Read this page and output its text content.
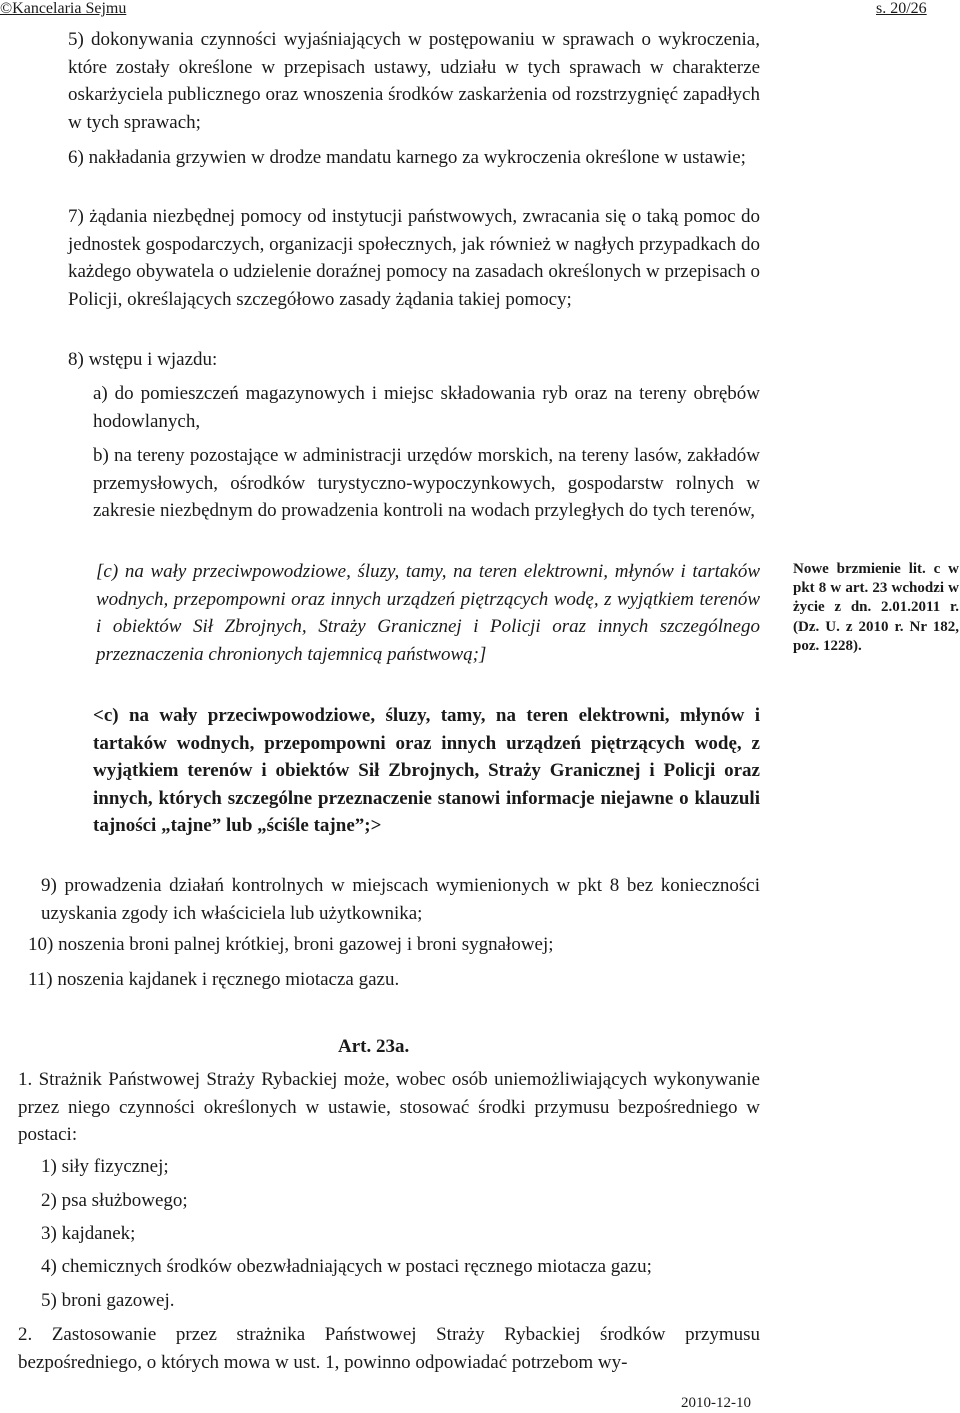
©Kancelaria Sejmu	s. 20/26

5) dokonywania czynności wyjaśniających w postępowaniu w sprawach o wykroczenia, które zostały określone w przepisach ustawy, udziału w tych sprawach w charakterze oskarżyciela publicznego oraz wnoszenia środków zaskarżenia od rozstrzygnięć zapadłych w tych sprawach;

6) nakładania grzywien w drodze mandatu karnego za wykroczenia określone w ustawie;

7) żądania niezbędnej pomocy od instytucji państwowych, zwracania się o taką pomoc do jednostek gospodarczych, organizacji społecznych, jak również w nagłych przypadkach do każdego obywatela o udzielenie doraźnej pomocy na zasadach określonych w przepisach o Policji, określających szczegółowo zasady żądania takiej pomocy;

8) wstępu i wjazdu:

a) do pomieszczeń magazynowych i miejsc składowania ryb oraz na tereny obrębów hodowlanych,

b) na tereny pozostające w administracji urzędów morskich, na tereny lasów, zakładów przemysłowych, ośrodków turystyczno-wypoczynkowych, gospodarstw rolnych w zakresie niezbędnym do prowadzenia kontroli na wodach przyległych do tych terenów,

[c) na wały przeciwpowodziowe, śluzy, tamy, na teren elektrowni, młynów i tartaków wodnych, przepompowni oraz innych urządzeń piętrzących wodę, z wyjątkiem terenów i obiektów Sił Zbrojnych, Straży Granicznej i Policji oraz innych szczególnego przeznaczenia chronionych tajemnicą państwową;]

Nowe brzmienie lit. c w pkt 8 w art. 23 wchodzi w życie z dn. 2.01.2011 r. (Dz. U. z 2010 r. Nr 182, poz. 1228).

<c) na wały przeciwpowodziowe, śluzy, tamy, na teren elektrowni, młynów i tartaków wodnych, przepompowni oraz innych urządzeń piętrzących wodę, z wyjątkiem terenów i obiektów Sił Zbrojnych, Straży Granicznej i Policji oraz innych, których szczególne przeznaczenie stanowi informacje niejawne o klauzuli tajności „tajne” lub „ściśle tajne”;>

9) prowadzenia działań kontrolnych w miejscach wymienionych w pkt 8 bez konieczności uzyskania zgody ich właściciela lub użytkownika;

10) noszenia broni palnej krótkiej, broni gazowej i broni sygnałowej;

11) noszenia kajdanek i ręcznego miotacza gazu.

Art. 23a.

1. Strażnik Państwowej Straży Rybackiej może, wobec osób uniemożliwiających wykonywanie przez niego czynności określonych w ustawie, stosować środki przymusu bezpośredniego w postaci:

1) siły fizycznej;

2) psa służbowego;

3) kajdanek;

4) chemicznych środków obezwładniających w postaci ręcznego miotacza gazu;

5) broni gazowej.

2. Zastosowanie przez strażnika Państwowej Straży Rybackiej środków przymusu bezpośredniego, o których mowa w ust. 1, powinno odpowiadać potrzebom wy-

2010-12-10
